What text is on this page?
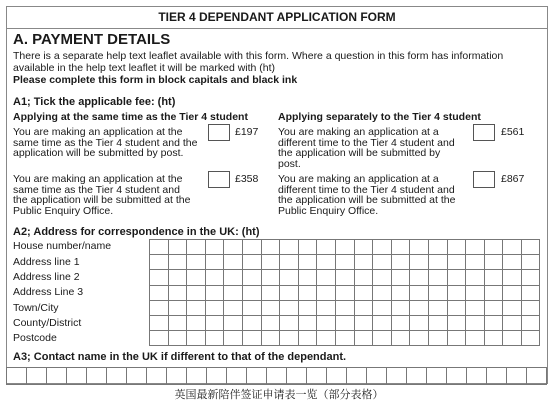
TIER 4 DEPENDANT APPLICATION FORM
A. PAYMENT DETAILS
There is a separate help text leaflet available with this form. Where a question in this form has information
available in the help text leaflet it will be marked with (ht)
Please complete this form in block capitals and black ink
A1; Tick the applicable fee: (ht)
Applying at the same time as the Tier 4 student	Applying separately to the Tier 4 student
You are making an application at the
same time as the Tier 4 student and the
application will be submitted by post.
£197 You are making an application at a
different time to the Tier 4 student and
the application will be submitted by
post.
£561
You are making an application at the
same time as the Tier 4 student and
the application will be submitted at the
Public Enquiry Office.
£358 You are making an application at a
different time to the Tier 4 student and
the application will be submitted at the
Public Enquiry Office.
£867
A2; Address for correspondence in the UK: (ht)
House number/name
Address line 1
Address line 2
Address Line 3
Town/City
County/District
Postcode
A3; Contact name in the UK if different to that of the dependant.
英国最新陪伴签证申请表一览（部分表格）
